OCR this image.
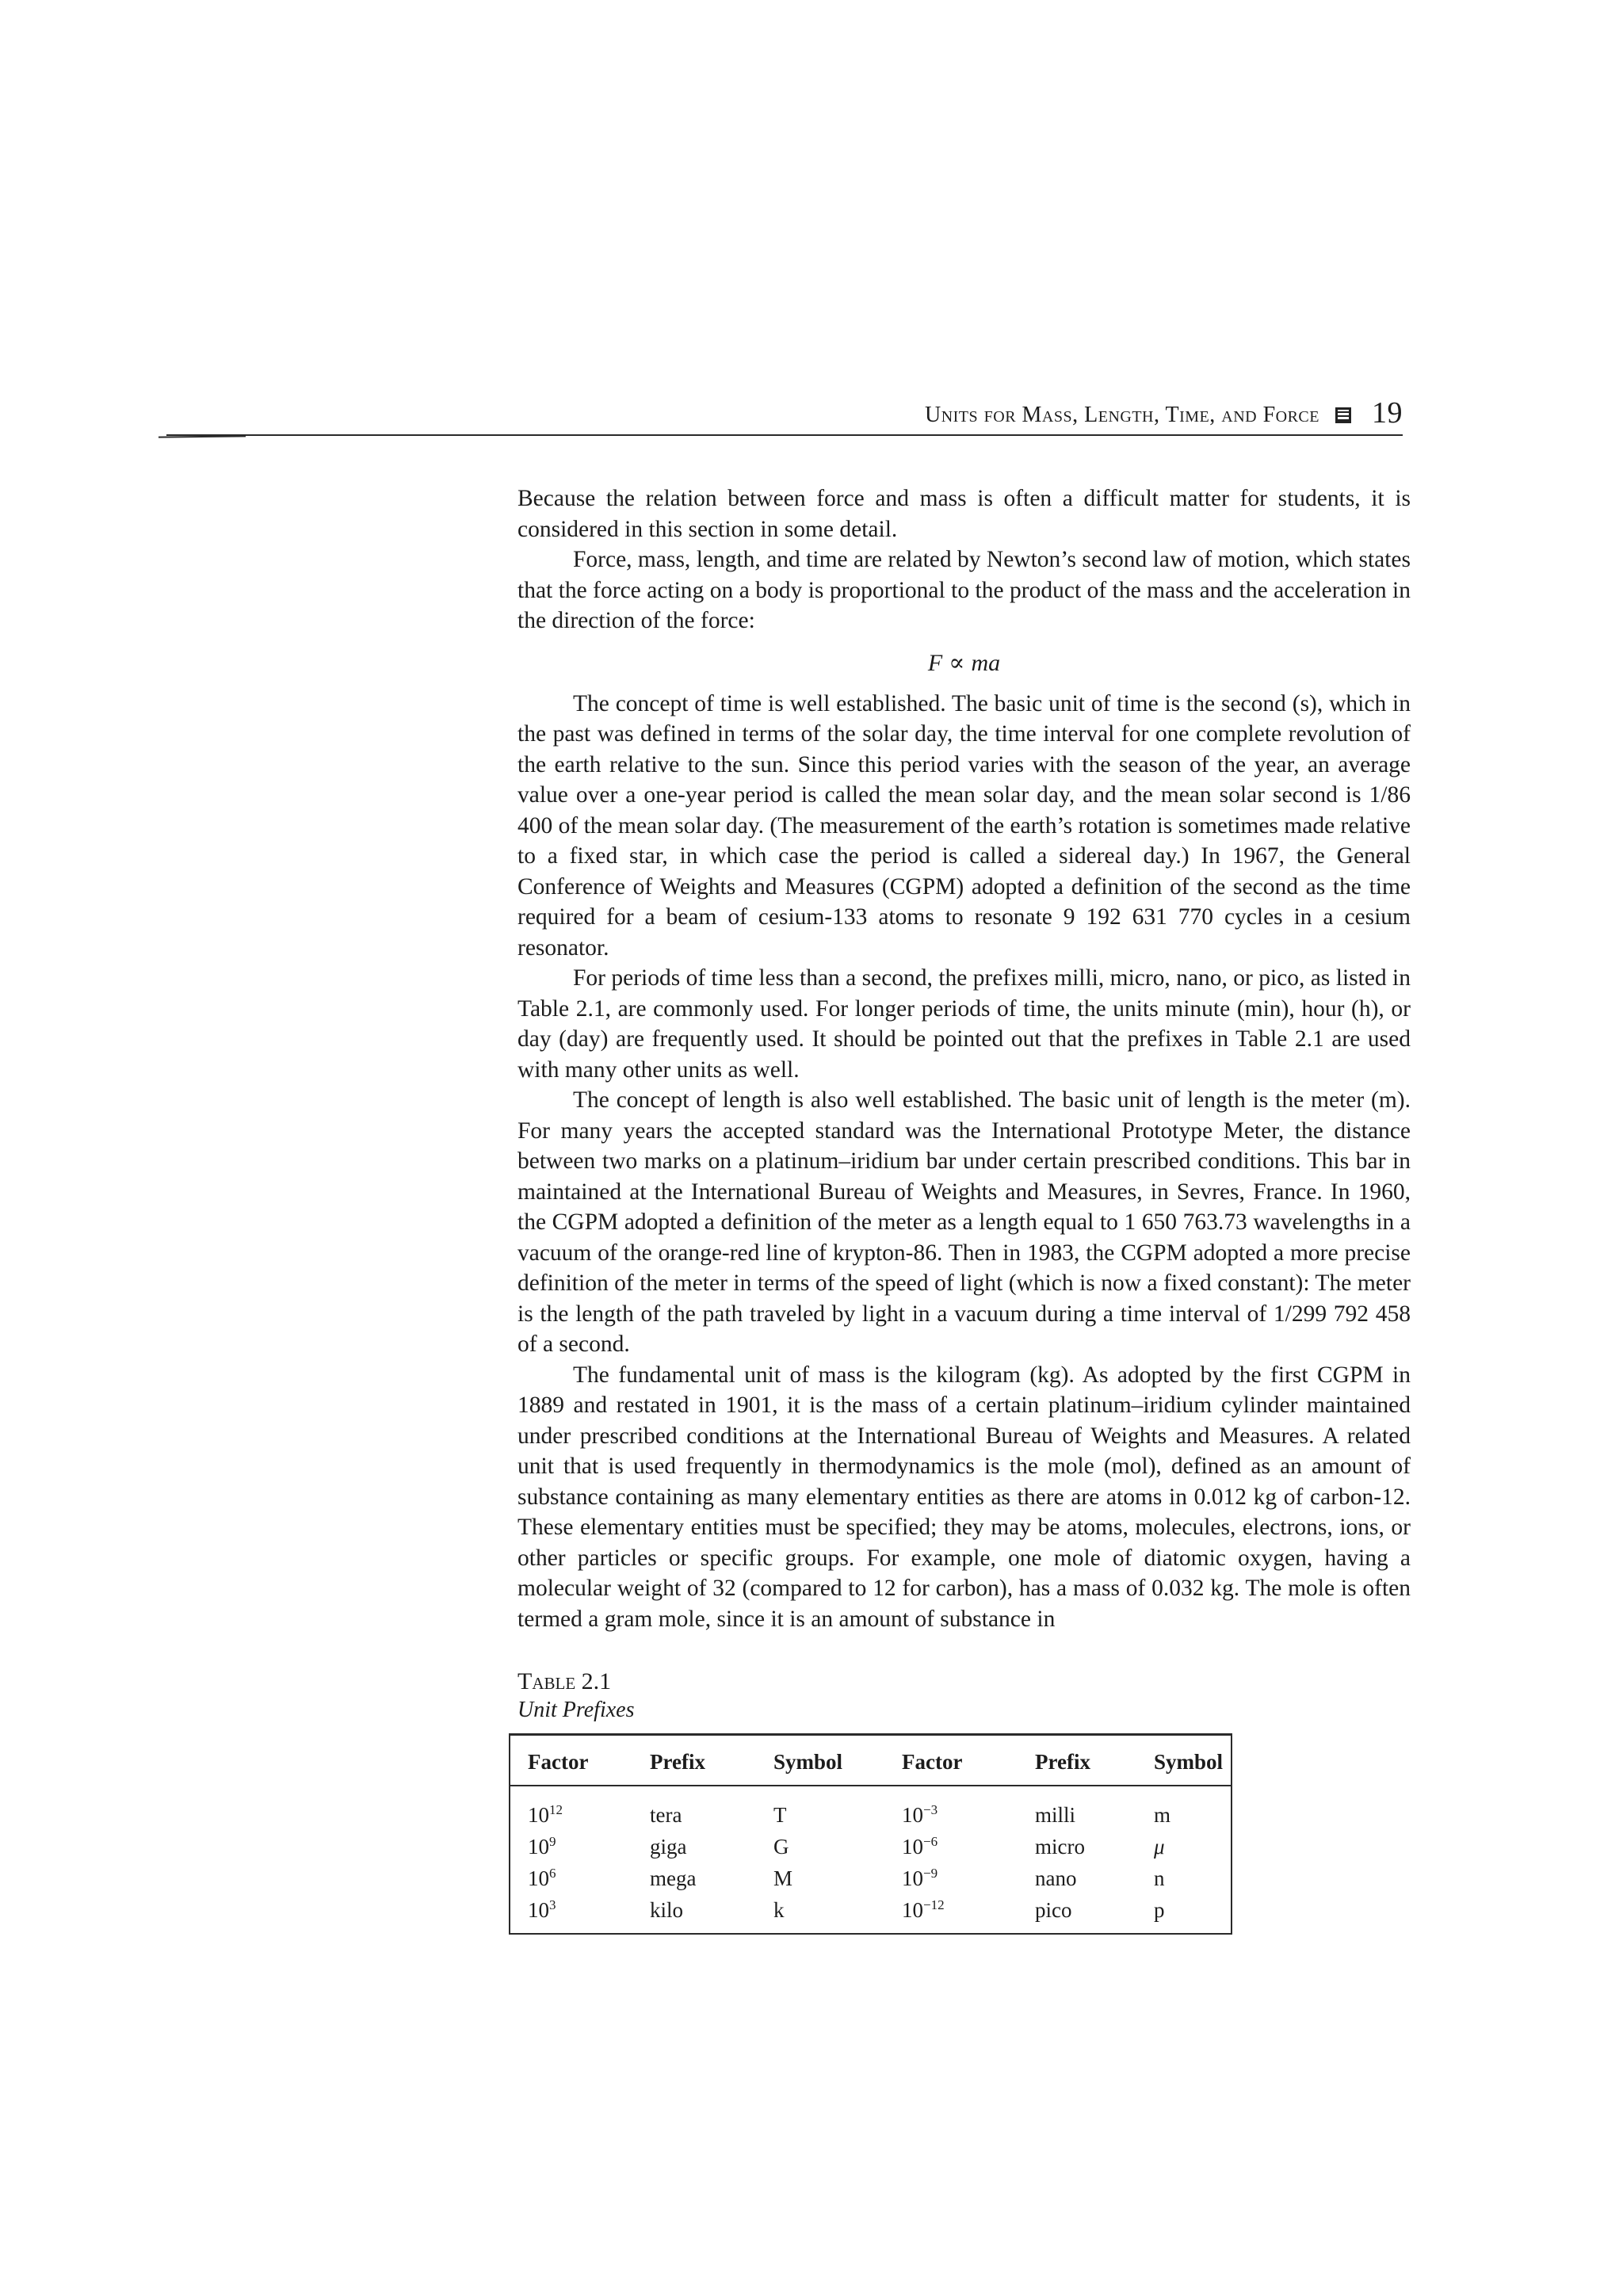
Units for Mass, Length, Time, and Force 19

Because the relation between force and mass is often a difficult matter for students, it is considered in this section in some detail.

Force, mass, length, and time are related by Newton’s second law of motion, which states that the force acting on a body is proportional to the product of the mass and the acceleration in the direction of the force:

F ∝ ma

The concept of time is well established. The basic unit of time is the second (s), which in the past was defined in terms of the solar day, the time interval for one complete revolution of the earth relative to the sun. Since this period varies with the season of the year, an average value over a one-year period is called the mean solar day, and the mean solar second is 1/86 400 of the mean solar day. (The measurement of the earth’s rotation is sometimes made relative to a fixed star, in which case the period is called a sidereal day.) In 1967, the General Conference of Weights and Measures (CGPM) adopted a definition of the second as the time required for a beam of cesium-133 atoms to resonate 9 192 631 770 cycles in a cesium resonator.

For periods of time less than a second, the prefixes milli, micro, nano, or pico, as listed in Table 2.1, are commonly used. For longer periods of time, the units minute (min), hour (h), or day (day) are frequently used. It should be pointed out that the prefixes in Table 2.1 are used with many other units as well.

The concept of length is also well established. The basic unit of length is the meter (m). For many years the accepted standard was the International Prototype Meter, the distance between two marks on a platinum–iridium bar under certain prescribed conditions. This bar in maintained at the International Bureau of Weights and Measures, in Sevres, France. In 1960, the CGPM adopted a definition of the meter as a length equal to 1 650 763.73 wavelengths in a vacuum of the orange-red line of krypton-86. Then in 1983, the CGPM adopted a more precise definition of the meter in terms of the speed of light (which is now a fixed constant): The meter is the length of the path traveled by light in a vacuum during a time interval of 1/299 792 458 of a second.

The fundamental unit of mass is the kilogram (kg). As adopted by the first CGPM in 1889 and restated in 1901, it is the mass of a certain platinum–iridium cylinder maintained under prescribed conditions at the International Bureau of Weights and Measures. A related unit that is used frequently in thermodynamics is the mole (mol), defined as an amount of substance containing as many elementary entities as there are atoms in 0.012 kg of carbon-12. These elementary entities must be specified; they may be atoms, molecules, electrons, ions, or other particles or specific groups. For example, one mole of diatomic oxygen, having a molecular weight of 32 (compared to 12 for carbon), has a mass of 0.032 kg. The mole is often termed a gram mole, since it is an amount of substance in

Table 2.1
Unit Prefixes
Factor	Prefix	Symbol	Factor	Prefix	Symbol
$10^{12}$	tera	T	$10^{-3}$	milli	m
$10^9$	giga	G	$10^{-6}$	micro	μ
$10^6$	mega	M	$10^{-9}$	nano	n
$10^3$	kilo	k	$10^{-12}$	pico	p
